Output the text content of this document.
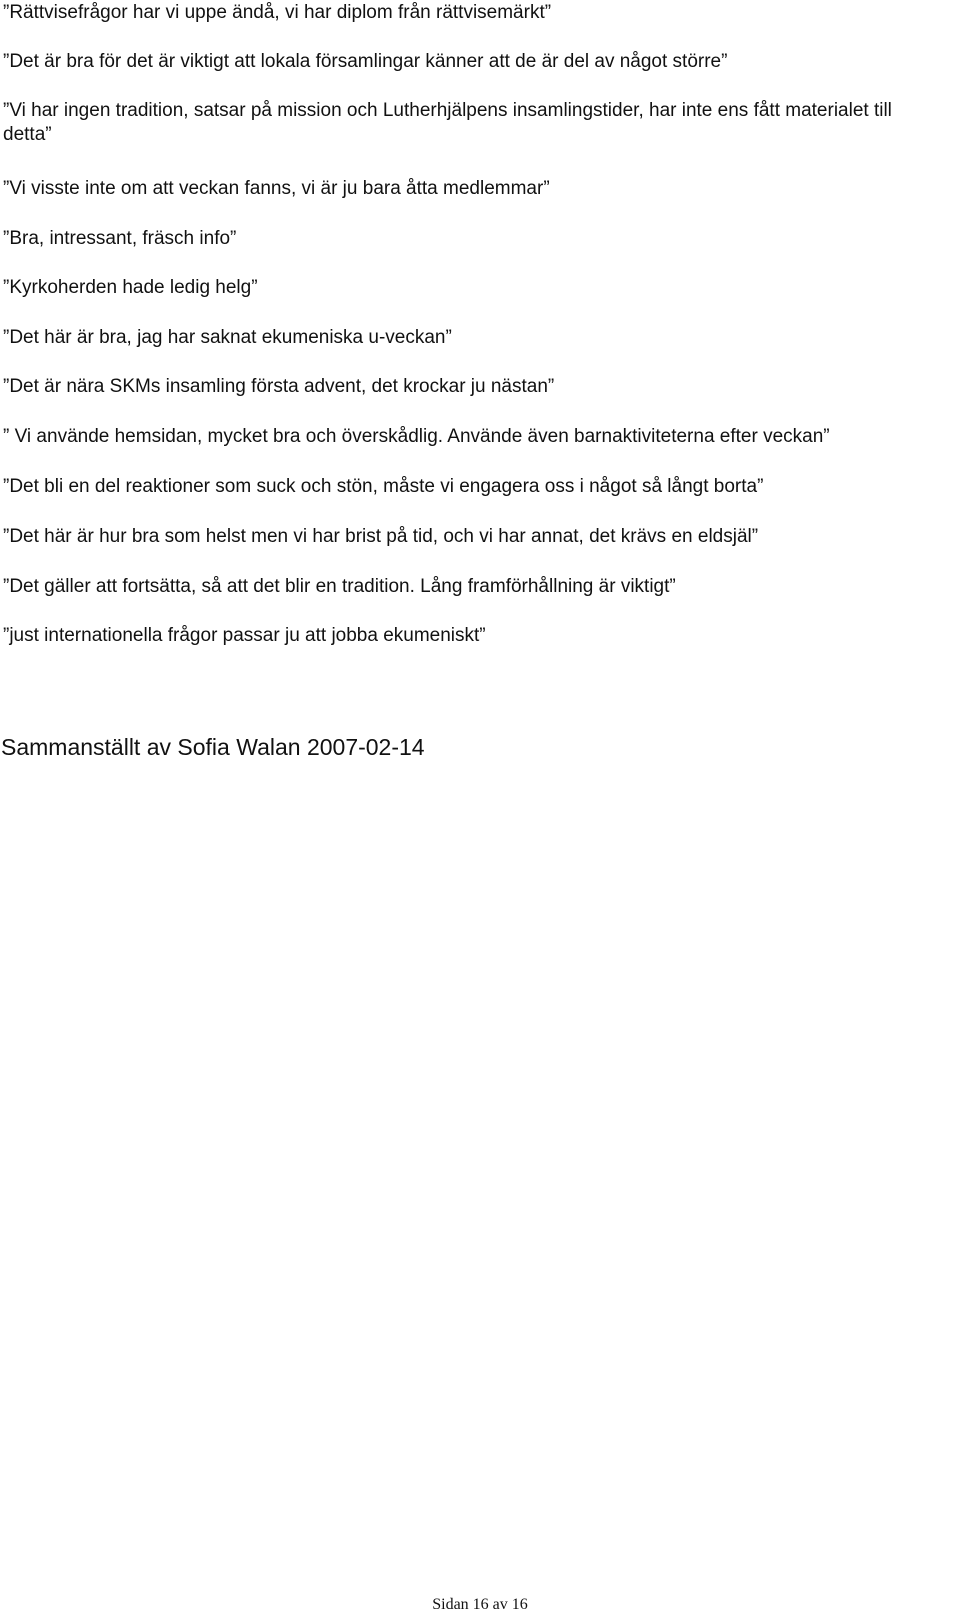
”Rättvisefrågor har vi uppe ändå, vi har diplom från rättvisemärkt”
”Det är bra för det är viktigt att lokala församlingar känner att de är del av något större”
”Vi har ingen tradition, satsar på mission och Lutherhjälpens insamlingstider, har inte ens fått materialet till detta”
”Vi visste inte om att veckan fanns, vi är ju bara åtta medlemmar”
”Bra, intressant, fräsch info”
”Kyrkoherden hade ledig helg”
”Det här är bra, jag har saknat ekumeniska u-veckan”
”Det är nära SKMs insamling första advent, det krockar ju nästan”
” Vi använde hemsidan, mycket bra och överskådlig. Använde även barnaktiviteterna efter veckan”
”Det bli en del reaktioner som suck och stön, måste vi engagera oss i något så långt borta”
”Det här är hur bra som helst men vi har brist på tid, och vi har annat, det krävs en eldsjäl”
”Det gäller att fortsätta, så att det blir en tradition. Lång framförhållning är viktigt”
”just internationella frågor passar ju att jobba ekumeniskt”

Sammanställt av Sofia Walan 2007-02-14

Sidan 16 av 16
